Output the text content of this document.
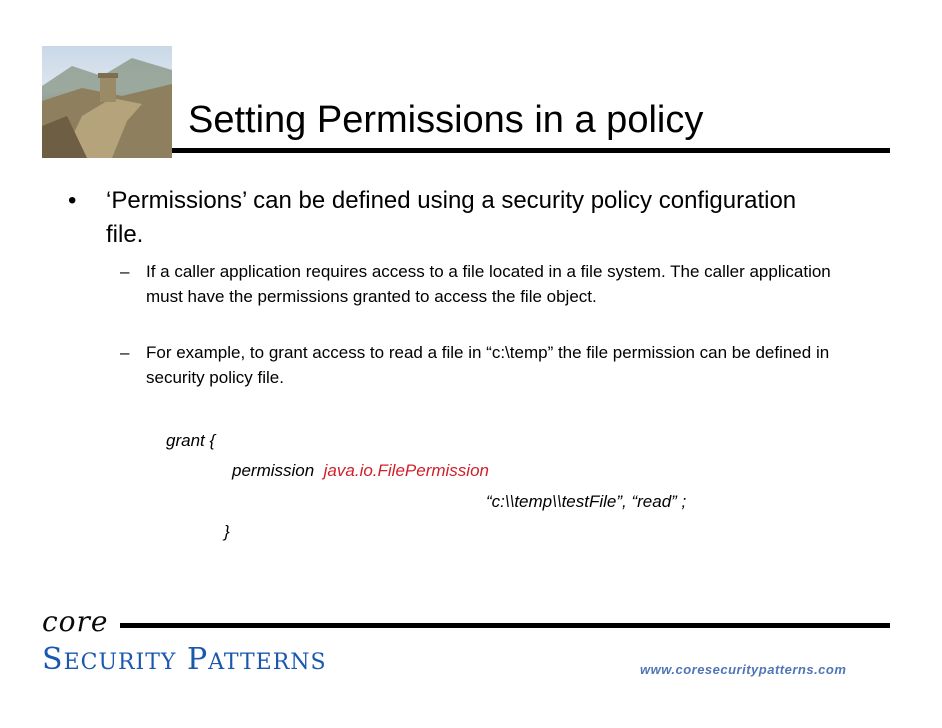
Setting Permissions in a policy
• ‘Permissions’ can be defined using a security policy configuration file.
– If a caller application requires access to a file located in a file system. The caller application must have the permissions granted to access the file object.
– For example, to grant access to read a file in “c:\temp” the file permission can be defined in security policy file.
grant {
permission java.io.FilePermission
“c:\\temp\\testFile”, “read” ;
}
core
SECURITY PATTERNS	www.coresecuritypatterns.com
